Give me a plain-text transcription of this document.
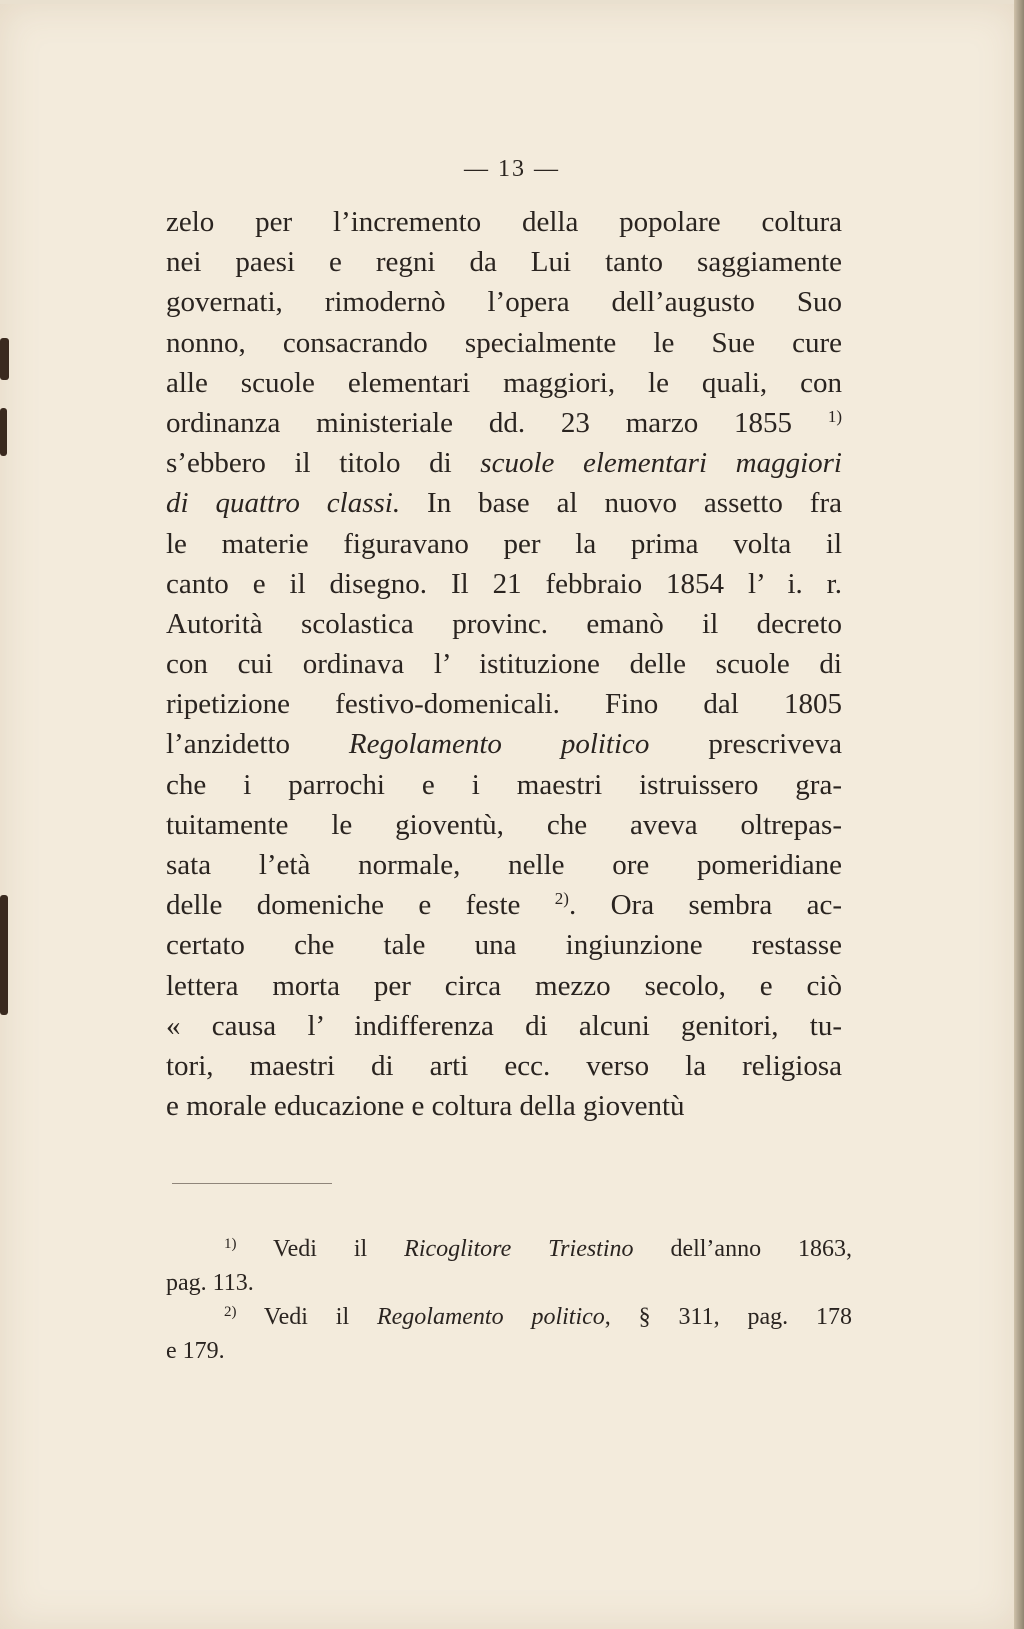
— 13 —
zelo per l’incremento della popolare coltura
nei paesi e regni da Lui tanto saggiamente
governati, rimodernò l’opera dell’augusto Suo
nonno, consacrando specialmente le Sue cure
alle scuole elementari maggiori, le quali, con
ordinanza ministeriale dd. 23 marzo 1855 $^{1)}$
s’ebbero il titolo di scuole elementari maggiori
di quattro classi. In base al nuovo assetto fra
le materie figuravano per la prima volta il
canto e il disegno. Il 21 febbraio 1854 l’ i. r.
Autorità scolastica provinc. emanò il decreto
con cui ordinava l’ istituzione delle scuole di
ripetizione festivo-domenicali. Fino dal 1805
l’anzidetto Regolamento politico prescriveva
che i parrochi e i maestri istruissero gra-
tuitamente le gioventù, che aveva oltrepas-
sata l’età normale, nelle ore pomeridiane
delle domeniche e feste $^{2)}$. Ora sembra ac-
certato che tale una ingiunzione restasse
lettera morta per circa mezzo secolo, e ciò
« causa l’ indifferenza di alcuni genitori, tu-
tori, maestri di arti ecc. verso la religiosa
e morale educazione e coltura della gioventù
$^{1)}$ Vedi il Ricoglitore Triestino dell’anno 1863,
pag. 113.
$^{2)}$ Vedi il Regolamento politico, § 311, pag. 178
e 179.
